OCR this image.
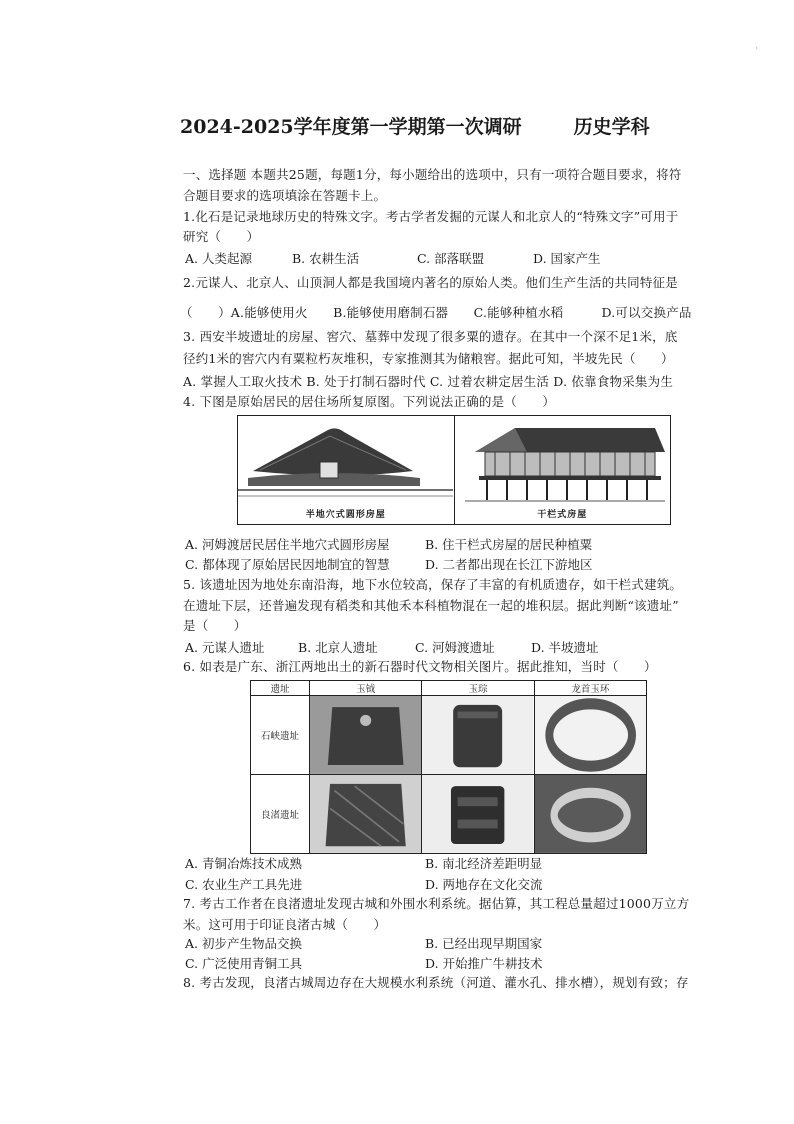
·
2024-2025学年度第一学期第一次调研	历史学科
一、选择题 本题共25题，每题1分，每小题给出的选项中，只有一项符合题目要求，将符
合题目要求的选项填涂在答题卡上。
1.化石是记录地球历史的特殊文字。考古学者发掘的元谋人和北京人的“特殊文字”可用于
研究（　　）
A. 人类起源	B. 农耕生活	C. 部落联盟	D. 国家产生
2.元谋人、北京人、山顶洞人都是我国境内著名的原始人类。他们生产生活的共同特征是
（　　）A.能够使用火　　B.能够使用磨制石器　　C.能够种植水稻　　　D.可以交换产品
3. 西安半坡遗址的房屋、窖穴、墓葬中发现了很多粟的遗存。在其中一个深不足1米，底
径约1米的窖穴内有粟粒朽灰堆积，专家推测其为储粮窖。据此可知，半坡先民（　　）
A. 掌握人工取火技术 B. 处于打制石器时代 C. 过着农耕定居生活 D. 依靠食物采集为生
4. 下图是原始居民的居住场所复原图。下列说法正确的是（　　）
半地穴式圆形房屋	干栏式房屋
A. 河姆渡居民居住半地穴式圆形房屋	B. 住干栏式房屋的居民种植粟
C. 都体现了原始居民因地制宜的智慧	D. 二者都出现在长江下游地区
5. 该遗址因为地处东南沿海，地下水位较高，保存了丰富的有机质遗存，如干栏式建筑。
在遗址下层，还普遍发现有稻类和其他禾本科植物混在一起的堆积层。据此判断“该遗址”
是（　　）
A. 元谋人遗址	B. 北京人遗址	C. 河姆渡遗址	D. 半坡遗址
6. 如表是广东、浙江两地出土的新石器时代文物相关图片。据此推知，当时（　　）
遗址	玉钺	玉琮	龙首玉环
石峡遗址	

良渚遗址	

A. 青铜冶炼技术成熟	B. 南北经济差距明显
C. 农业生产工具先进	D. 两地存在文化交流
7. 考古工作者在良渚遗址发现古城和外围水利系统。据估算，其工程总量超过1000万立方
米。这可用于印证良渚古城（　　）
A. 初步产生物品交换	B. 已经出现早期国家
C. 广泛使用青铜工具	D. 开始推广牛耕技术
8. 考古发现，良渚古城周边存在大规模水利系统（河道、灌水孔、排水槽），规划有致；存
